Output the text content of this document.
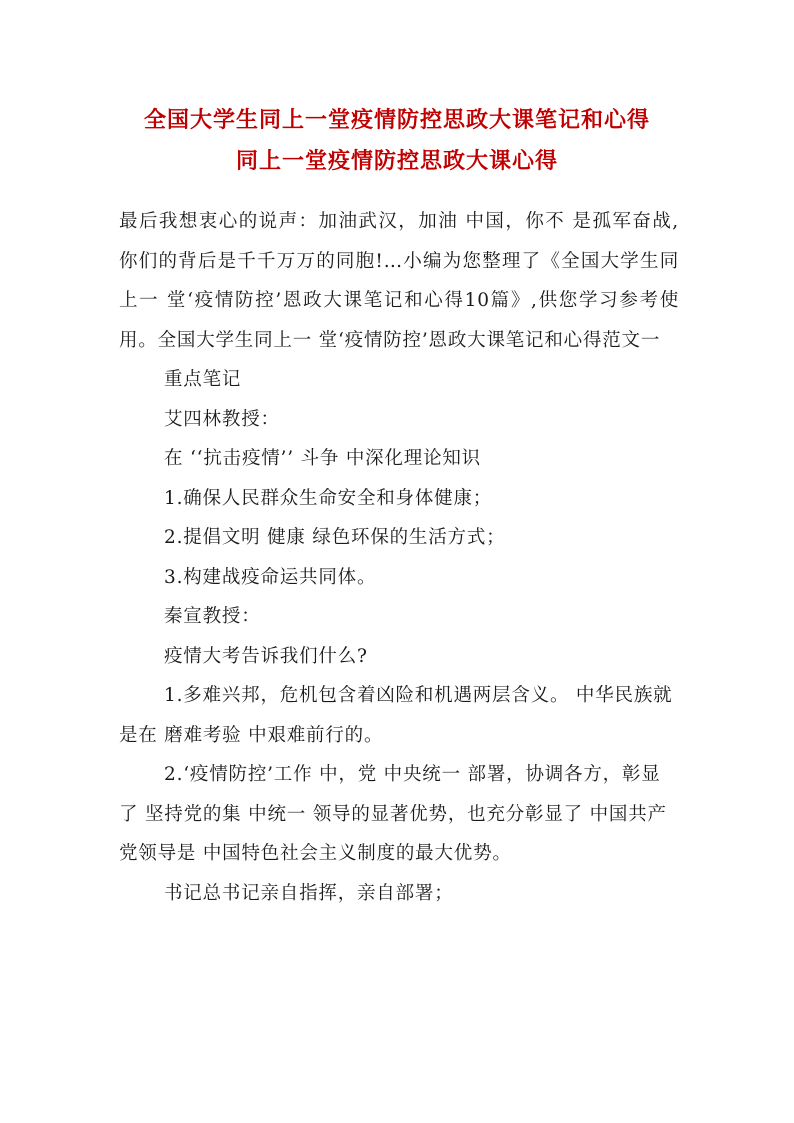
全国大学生同上一堂疫情防控思政大课笔记和心得
同上一堂疫情防控思政大课心得

最后我想衷心的说声：加油武汉，加油 中国，你不 是孤军奋战,你们的背后是千千万万的同胞!…小编为您整理了《全国大学生同上一 堂‘疫情防控’恩政大课笔记和心得10篇》,供您学习参考使用。全国大学生同上一 堂‘疫情防控’恩政大课笔记和心得范文一

重点笔记

艾四林教授：

在 ‘‘抗击疫情’’ 斗争 中深化理论知识

1.确保人民群众生命安全和身体健康；

2.提倡文明 健康 绿色环保的生活方式；

3.构建战疫命运共同体。

秦宣教授：

疫情大考告诉我们什么?

1.多难兴邦，危机包含着凶险和机遇两层含义。 中华民族就是在 磨难考验 中艰难前行的。

2.‘疫情防控’工作 中，党 中央统一 部署，协调各方，彰显了 坚持党的集 中统一 领导的显著优势，也充分彰显了 中国共产党领导是 中国特色社会主义制度的最大优势。

书记总书记亲自指挥，亲自部署；
